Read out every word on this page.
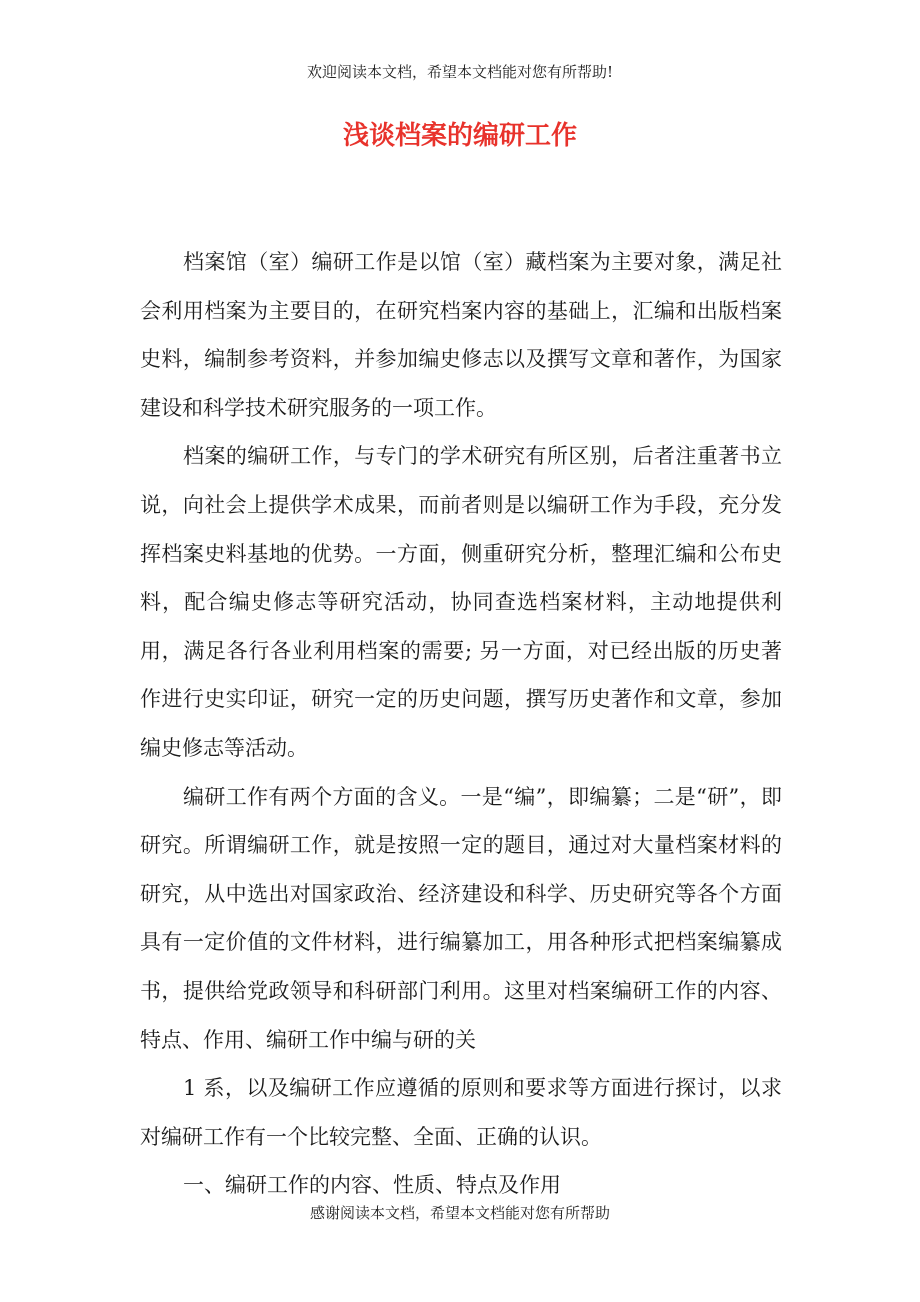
欢迎阅读本文档，希望本文档能对您有所帮助!
浅谈档案的编研工作

档案馆（室）编研工作是以馆（室）藏档案为主要对象，满足社会利用档案为主要目的，在研究档案内容的基础上，汇编和出版档案史料，编制参考资料，并参加编史修志以及撰写文章和著作，为国家建设和科学技术研究服务的一项工作。

档案的编研工作，与专门的学术研究有所区别，后者注重著书立说，向社会上提供学术成果，而前者则是以编研工作为手段，充分发挥档案史料基地的优势。一方面，侧重研究分析，整理汇编和公布史料，配合编史修志等研究活动，协同查选档案材料，主动地提供利用，满足各行各业利用档案的需要; 另一方面，对已经出版的历史著作进行史实印证，研究一定的历史问题，撰写历史著作和文章，参加编史修志等活动。

编研工作有两个方面的含义。一是“编”，即编纂；二是“研”，即研究。所谓编研工作，就是按照一定的题目，通过对大量档案材料的研究，从中选出对国家政治、经济建设和科学、历史研究等各个方面具有一定价值的文件材料，进行编纂加工，用各种形式把档案编纂成书，提供给党政领导和科研部门利用。这里对档案编研工作的内容、特点、作用、编研工作中编与研的关

1 系，以及编研工作应遵循的原则和要求等方面进行探讨，以求对编研工作有一个比较完整、全面、正确的认识。

一、编研工作的内容、性质、特点及作用

感谢阅读本文档，希望本文档能对您有所帮助
